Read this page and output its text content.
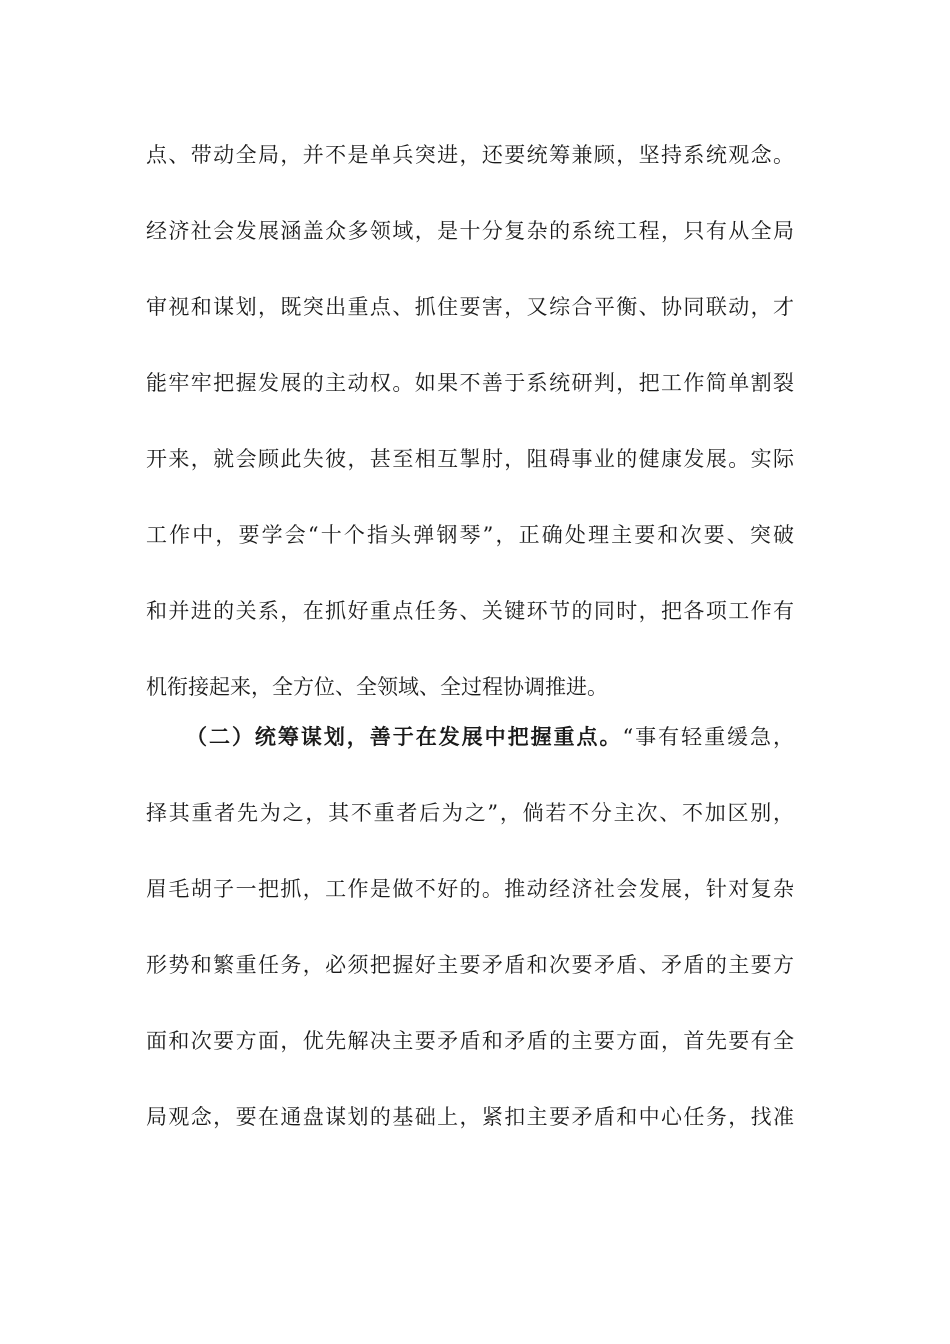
点、带动全局，并不是单兵突进，还要统筹兼顾，坚持系统观念。
经济社会发展涵盖众多领域，是十分复杂的系统工程，只有从全局
审视和谋划，既突出重点、抓住要害，又综合平衡、协同联动，才
能牢牢把握发展的主动权。如果不善于系统研判，把工作简单割裂
开来，就会顾此失彼，甚至相互掣肘，阻碍事业的健康发展。实际
工作中，要学会“十个指头弹钢琴”，正确处理主要和次要、突破
和并进的关系，在抓好重点任务、关键环节的同时，把各项工作有
机衔接起来，全方位、全领域、全过程协调推进。
（二）统筹谋划，善于在发展中把握重点。“事有轻重缓急，
择其重者先为之，其不重者后为之”，倘若不分主次、不加区别，
眉毛胡子一把抓，工作是做不好的。推动经济社会发展，针对复杂
形势和繁重任务，必须把握好主要矛盾和次要矛盾、矛盾的主要方
面和次要方面，优先解决主要矛盾和矛盾的主要方面，首先要有全
局观念，要在通盘谋划的基础上，紧扣主要矛盾和中心任务，找准
